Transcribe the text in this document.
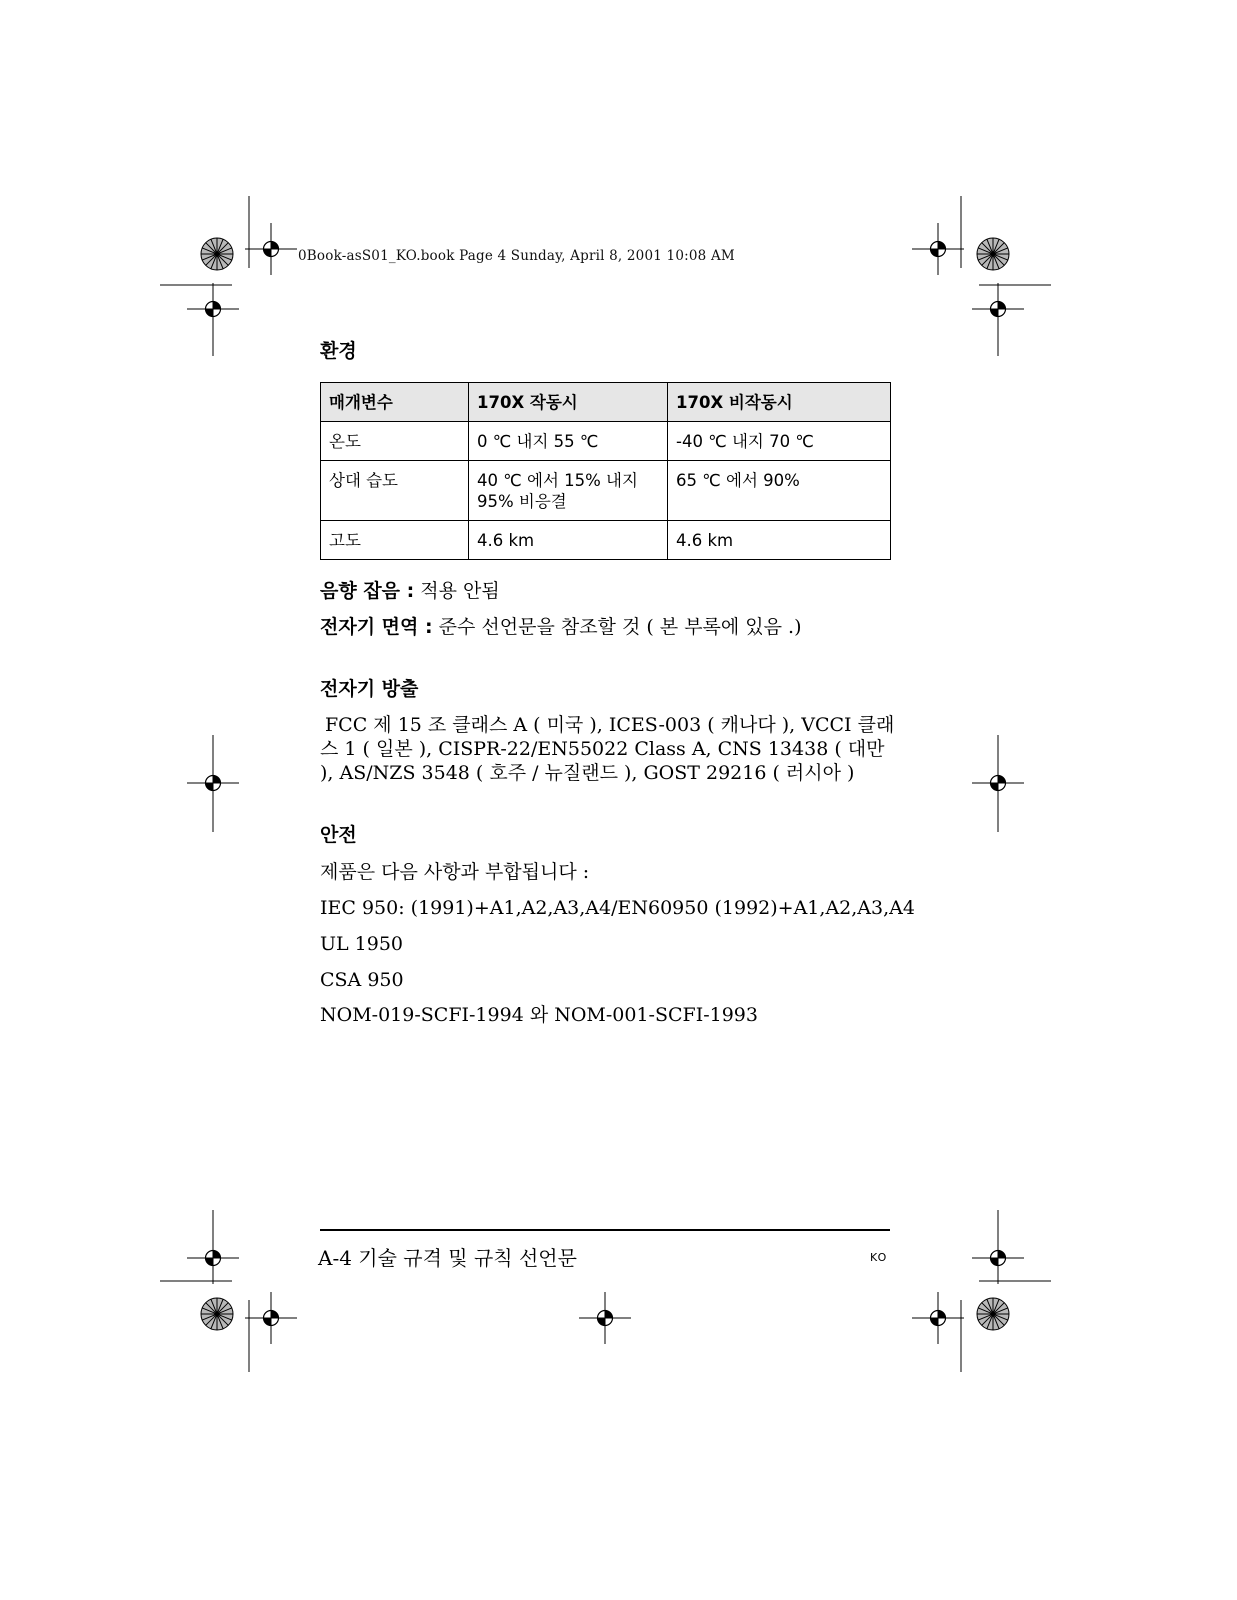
0Book-asS01_KO.book Page 4 Sunday, April 8, 2001 10:08 AM
환경
매개변수	170X 작동시	170X 비작동시
온도	0 ℃ 내지 55 ℃	-40 ℃ 내지 70 ℃
상대 습도	40 ℃ 에서 15% 내지 95% 비응결	65 ℃ 에서 90%
고도	4.6 km	4.6 km
음향 잡음 : 적용 안됨
전자기 면역 : 준수 선언문을 참조할 것 ( 본 부록에 있음 .)
전자기 방출
FCC 제 15 조 클래스 A ( 미국 ), ICES-003 ( 캐나다 ), VCCI 클래스 1 ( 일본 ), CISPR-22/EN55022 Class A, CNS 13438 ( 대만 ), AS/NZS 3548 ( 호주 / 뉴질랜드 ), GOST 29216 ( 러시아 )
안전
제품은 다음 사항과 부합됩니다 :
IEC 950: (1991)+A1,A2,A3,A4/EN60950 (1992)+A1,A2,A3,A4
UL 1950
CSA 950
NOM-019-SCFI-1994 와 NOM-001-SCFI-1993
A-4 기술 규격 및 규칙 선언문	KO
